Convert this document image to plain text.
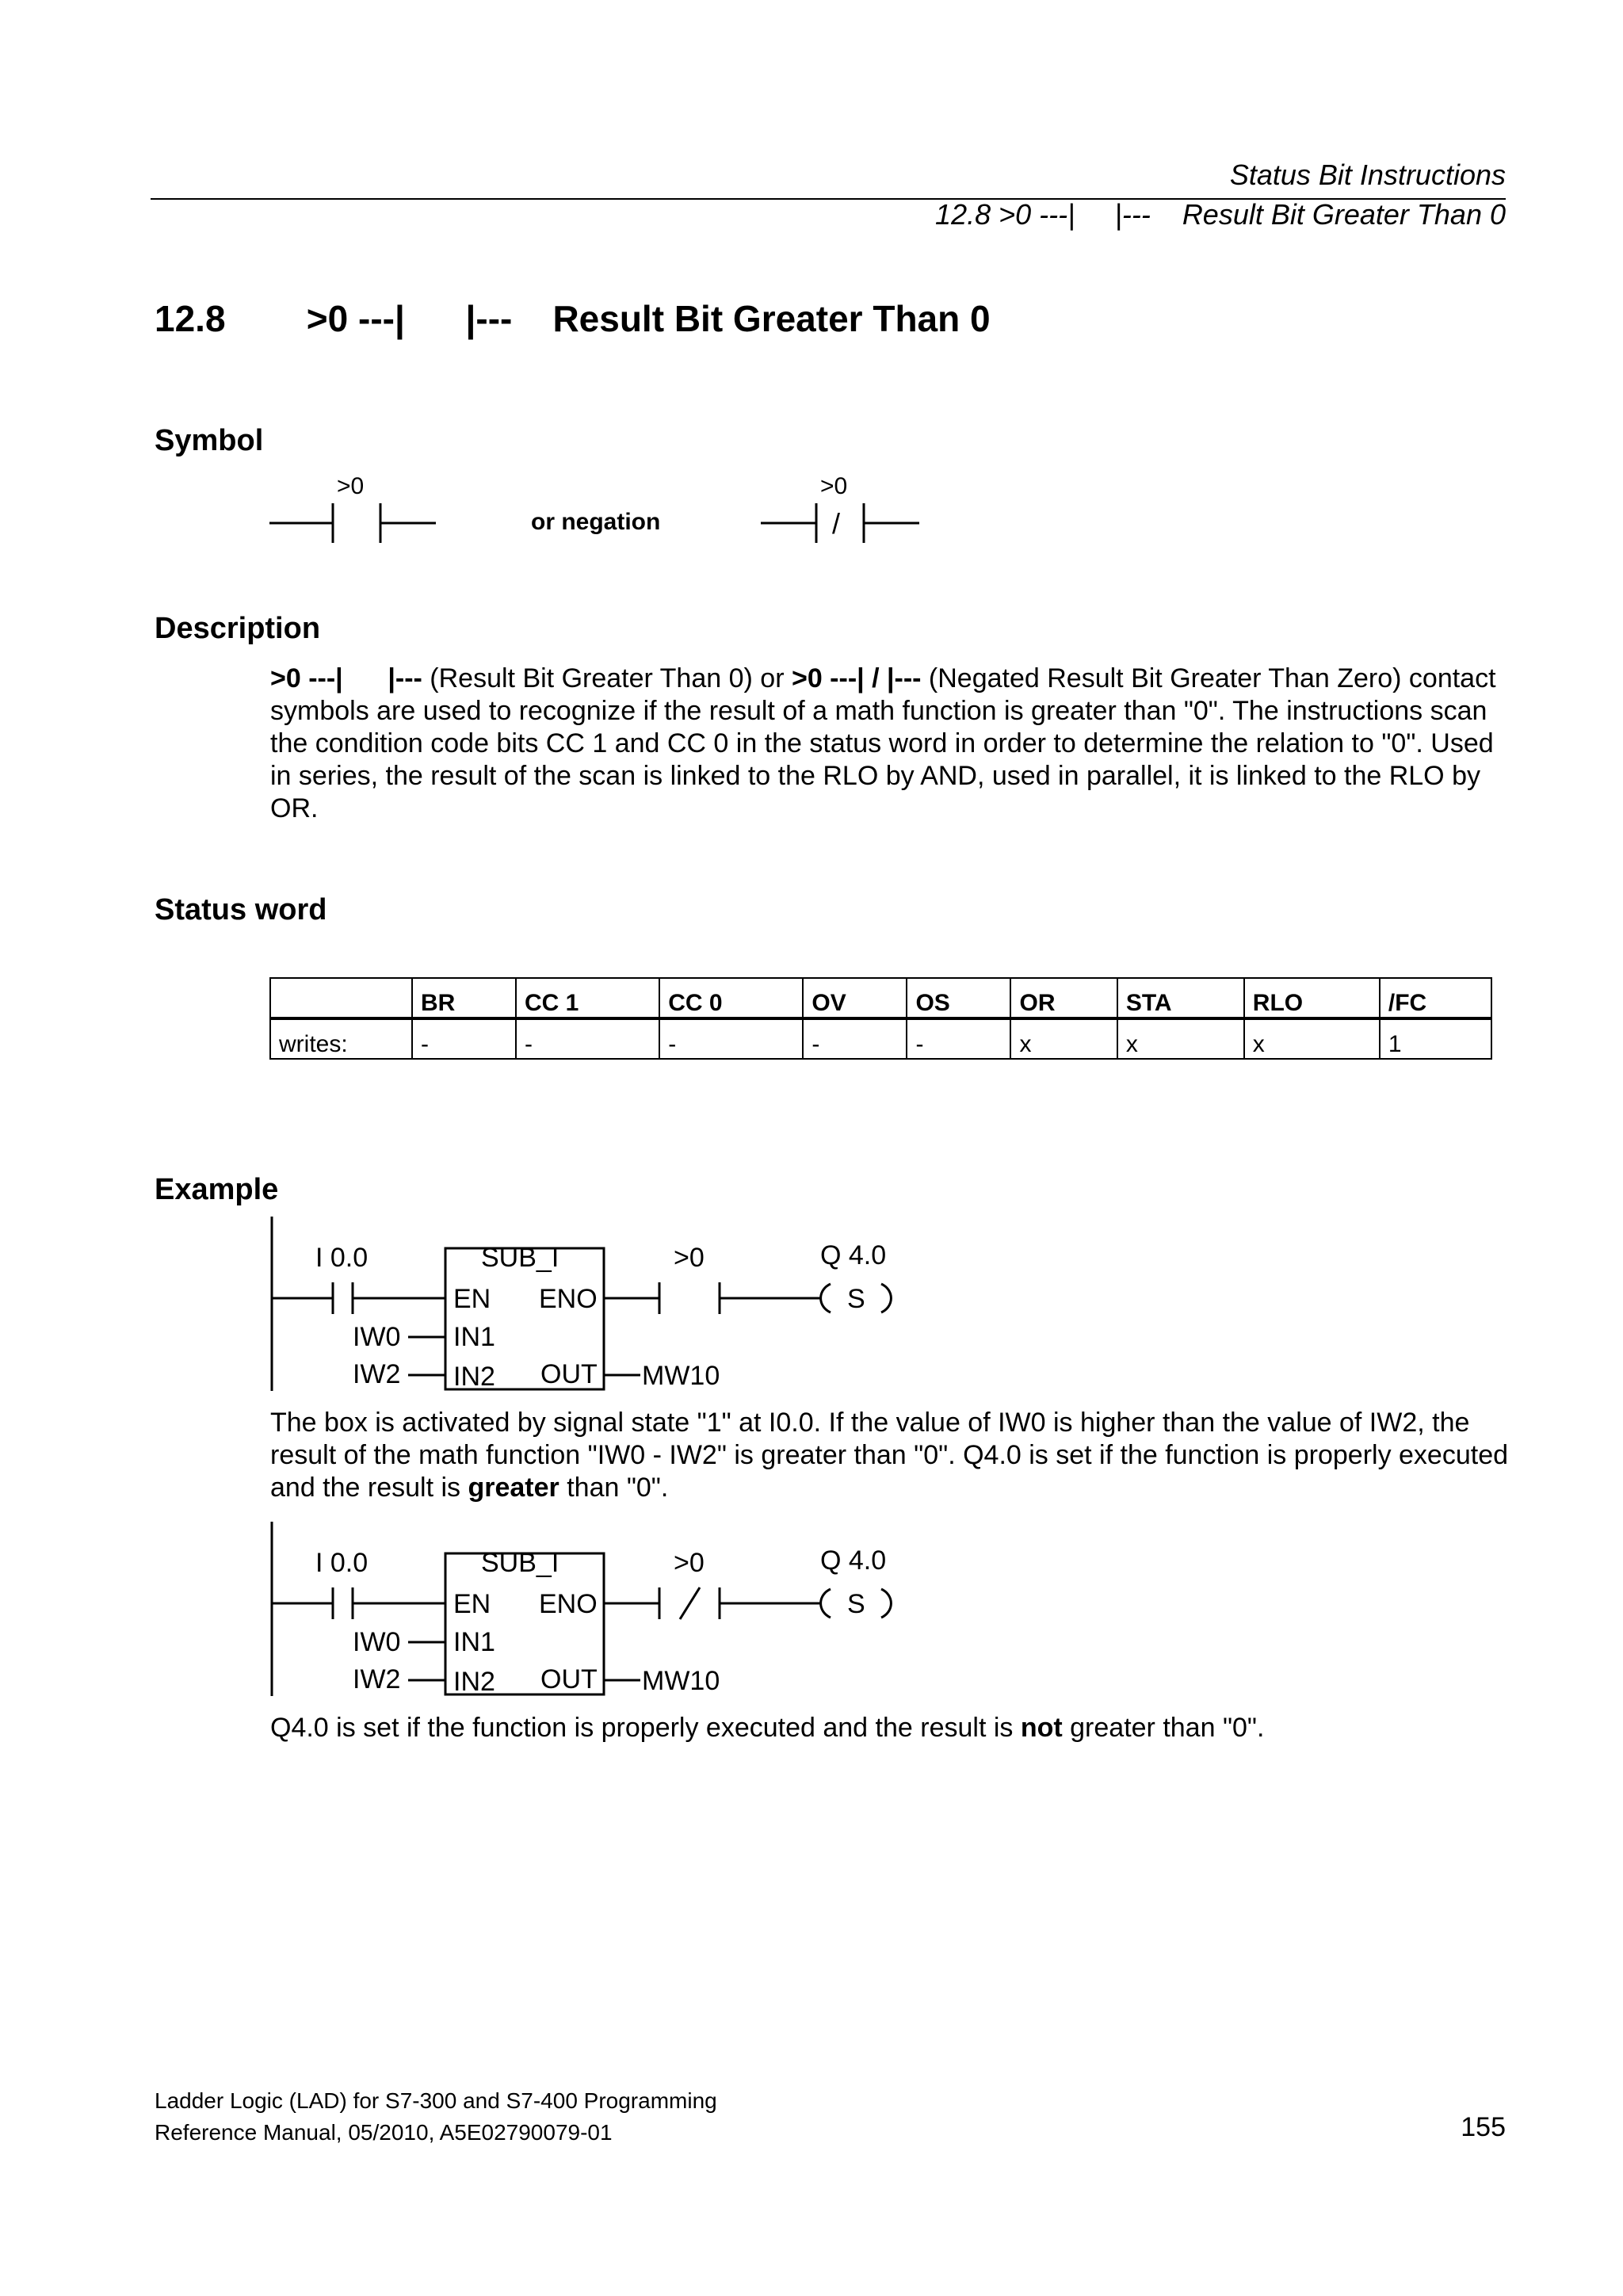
Status Bit Instructions
12.8 >0 ---|     |---    Result Bit Greater Than 0
12.8        >0 ---|      |---    Result Bit Greater Than 0
Symbol
>0
or negation
>0
/
Description
>0 ---|      |--- (Result Bit Greater Than 0) or >0 ---| / |--- (Negated Result Bit Greater Than Zero) contact symbols are used to recognize if the result of a math function is greater than "0". The instructions scan the condition code bits CC 1 and CC 0 in the status word in order to determine the relation to "0". Used in series, the result of the scan is linked to the RLO by AND, used in parallel, it is linked to the RLO by OR.
Status word
	BR	CC 1	CC 0	OV	OS	OR	STA	RLO	/FC
writes:	-	-	-	-	-	x	x	x	1
Example
I 0.0	SUB_I
EN ENO
IN1
IN2 OUT
IW0
IW2	MW10
>0	Q 4.0
S
The box is activated by signal state "1" at I0.0. If the value of IW0 is higher than the value of IW2, the result of the math function "IW0 - IW2" is greater than "0". Q4.0 is set if the function is properly executed and the result is greater than "0".
I 0.0	SUB_I
EN ENO
IN1
IN2 OUT
IW0
IW2	MW10
>0	Q 4.0
S
Q4.0 is set if the function is properly executed and the result is not greater than "0".
Ladder Logic (LAD) for S7-300 and S7-400 Programming
Reference Manual, 05/2010, A5E02790079-01	155
